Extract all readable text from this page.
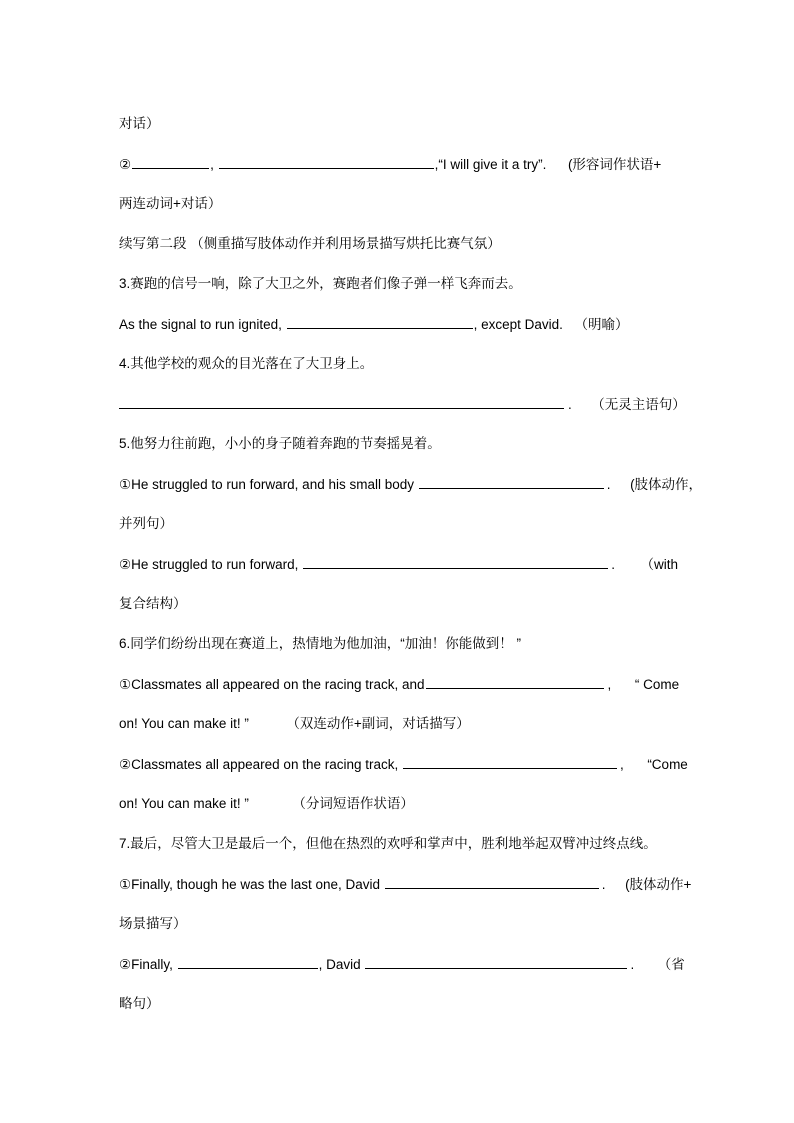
对话）
②	,	,“I will give it a try”. (形容词作状语+
两连动词+对话）
续写第二段 （侧重描写肢体动作并利用场景描写烘托比赛气氛）
3.赛跑的信号一响，除了大卫之外，赛跑者们像子弹一样飞奔而去。
As the signal to run ignited,	, except David. （明喻）
4.其他学校的观众的目光落在了大卫身上。
. （无灵主语句）
5.他努力往前跑，小小的身子随着奔跑的节奏摇晃着。
①He struggled to run forward, and his small body	. (肢体动作，
并列句）
②He struggled to run forward,	. （with
复合结构）
6.同学们纷纷出现在赛道上，热情地为他加油，“加油！你能做到！ ”
①Classmates all appeared on the racing track, and	, “ Come
on! You can make it! ”	（双连动作+副词，对话描写）
②Classmates all appeared on the racing track,	, “Come
on! You can make it! ”	（分词短语作状语）
7.最后，尽管大卫是最后一个，但他在热烈的欢呼和掌声中，胜利地举起双臂冲过终点线。
①Finally, though he was the last one, David	. (肢体动作+
场景描写）
②Finally,	, David	. （省
略句）
